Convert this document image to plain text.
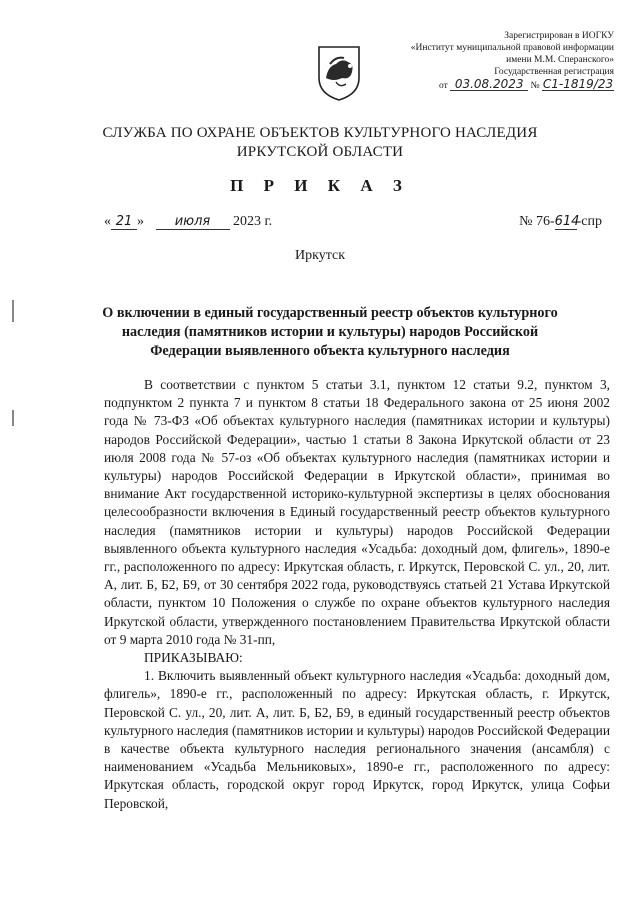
Зарегистрирован в ИОГКУ
«Институт муниципальной правовой информации
имени М.М. Сперанского»
Государственная регистрация
от 03.08.2023 № С1-1819/23
СЛУЖБА ПО ОХРАНЕ ОБЪЕКТОВ КУЛЬТУРНОГО НАСЛЕДИЯ
ИРКУТСКОЙ ОБЛАСТИ
П Р И К А З
« 21 » июля 2023 г.	№ 76-614-спр
Иркутск
О включении в единый государственный реестр объектов культурного наследия (памятников истории и культуры) народов Российской Федерации выявленного объекта культурного наследия

В соответствии с пунктом 5 статьи 3.1, пунктом 12 статьи 9.2, пунктом 3, подпунктом 2 пункта 7 и пунктом 8 статьи 18 Федерального закона от 25 июня 2002 года № 73-ФЗ «Об объектах культурного наследия (памятниках истории и культуры) народов Российской Федерации», частью 1 статьи 8 Закона Иркутской области от 23 июля 2008 года № 57-оз «Об объектах культурного наследия (памятниках истории и культуры) народов Российской Федерации в Иркутской области», принимая во внимание Акт государственной историко-культурной экспертизы в целях обоснования целесообразности включения в Единый государственный реестр объектов культурного наследия (памятников истории и культуры) народов Российской Федерации выявленного объекта культурного наследия «Усадьба: доходный дом, флигель», 1890-е гг., расположенного по адресу: Иркутская область, г. Иркутск, Перовской С. ул., 20, лит. А, лит. Б, Б2, Б9, от 30 сентября 2022 года, руководствуясь статьей 21 Устава Иркутской области, пунктом 10 Положения о службе по охране объектов культурного наследия Иркутской области, утвержденного постановлением Правительства Иркутской области от 9 марта 2010 года № 31-пп,

ПРИКАЗЫВАЮ:

1. Включить выявленный объект культурного наследия «Усадьба: доходный дом, флигель», 1890-е гг., расположенный по адресу: Иркутская область, г. Иркутск, Перовской С. ул., 20, лит. А, лит. Б, Б2, Б9, в единый государственный реестр объектов культурного наследия (памятников истории и культуры) народов Российской Федерации в качестве объекта культурного наследия регионального значения (ансамбля) с наименованием «Усадьба Мельниковых», 1890-е гг., расположенного по адресу: Иркутская область, городской округ город Иркутск, город Иркутск, улица Софьи Перовской,
